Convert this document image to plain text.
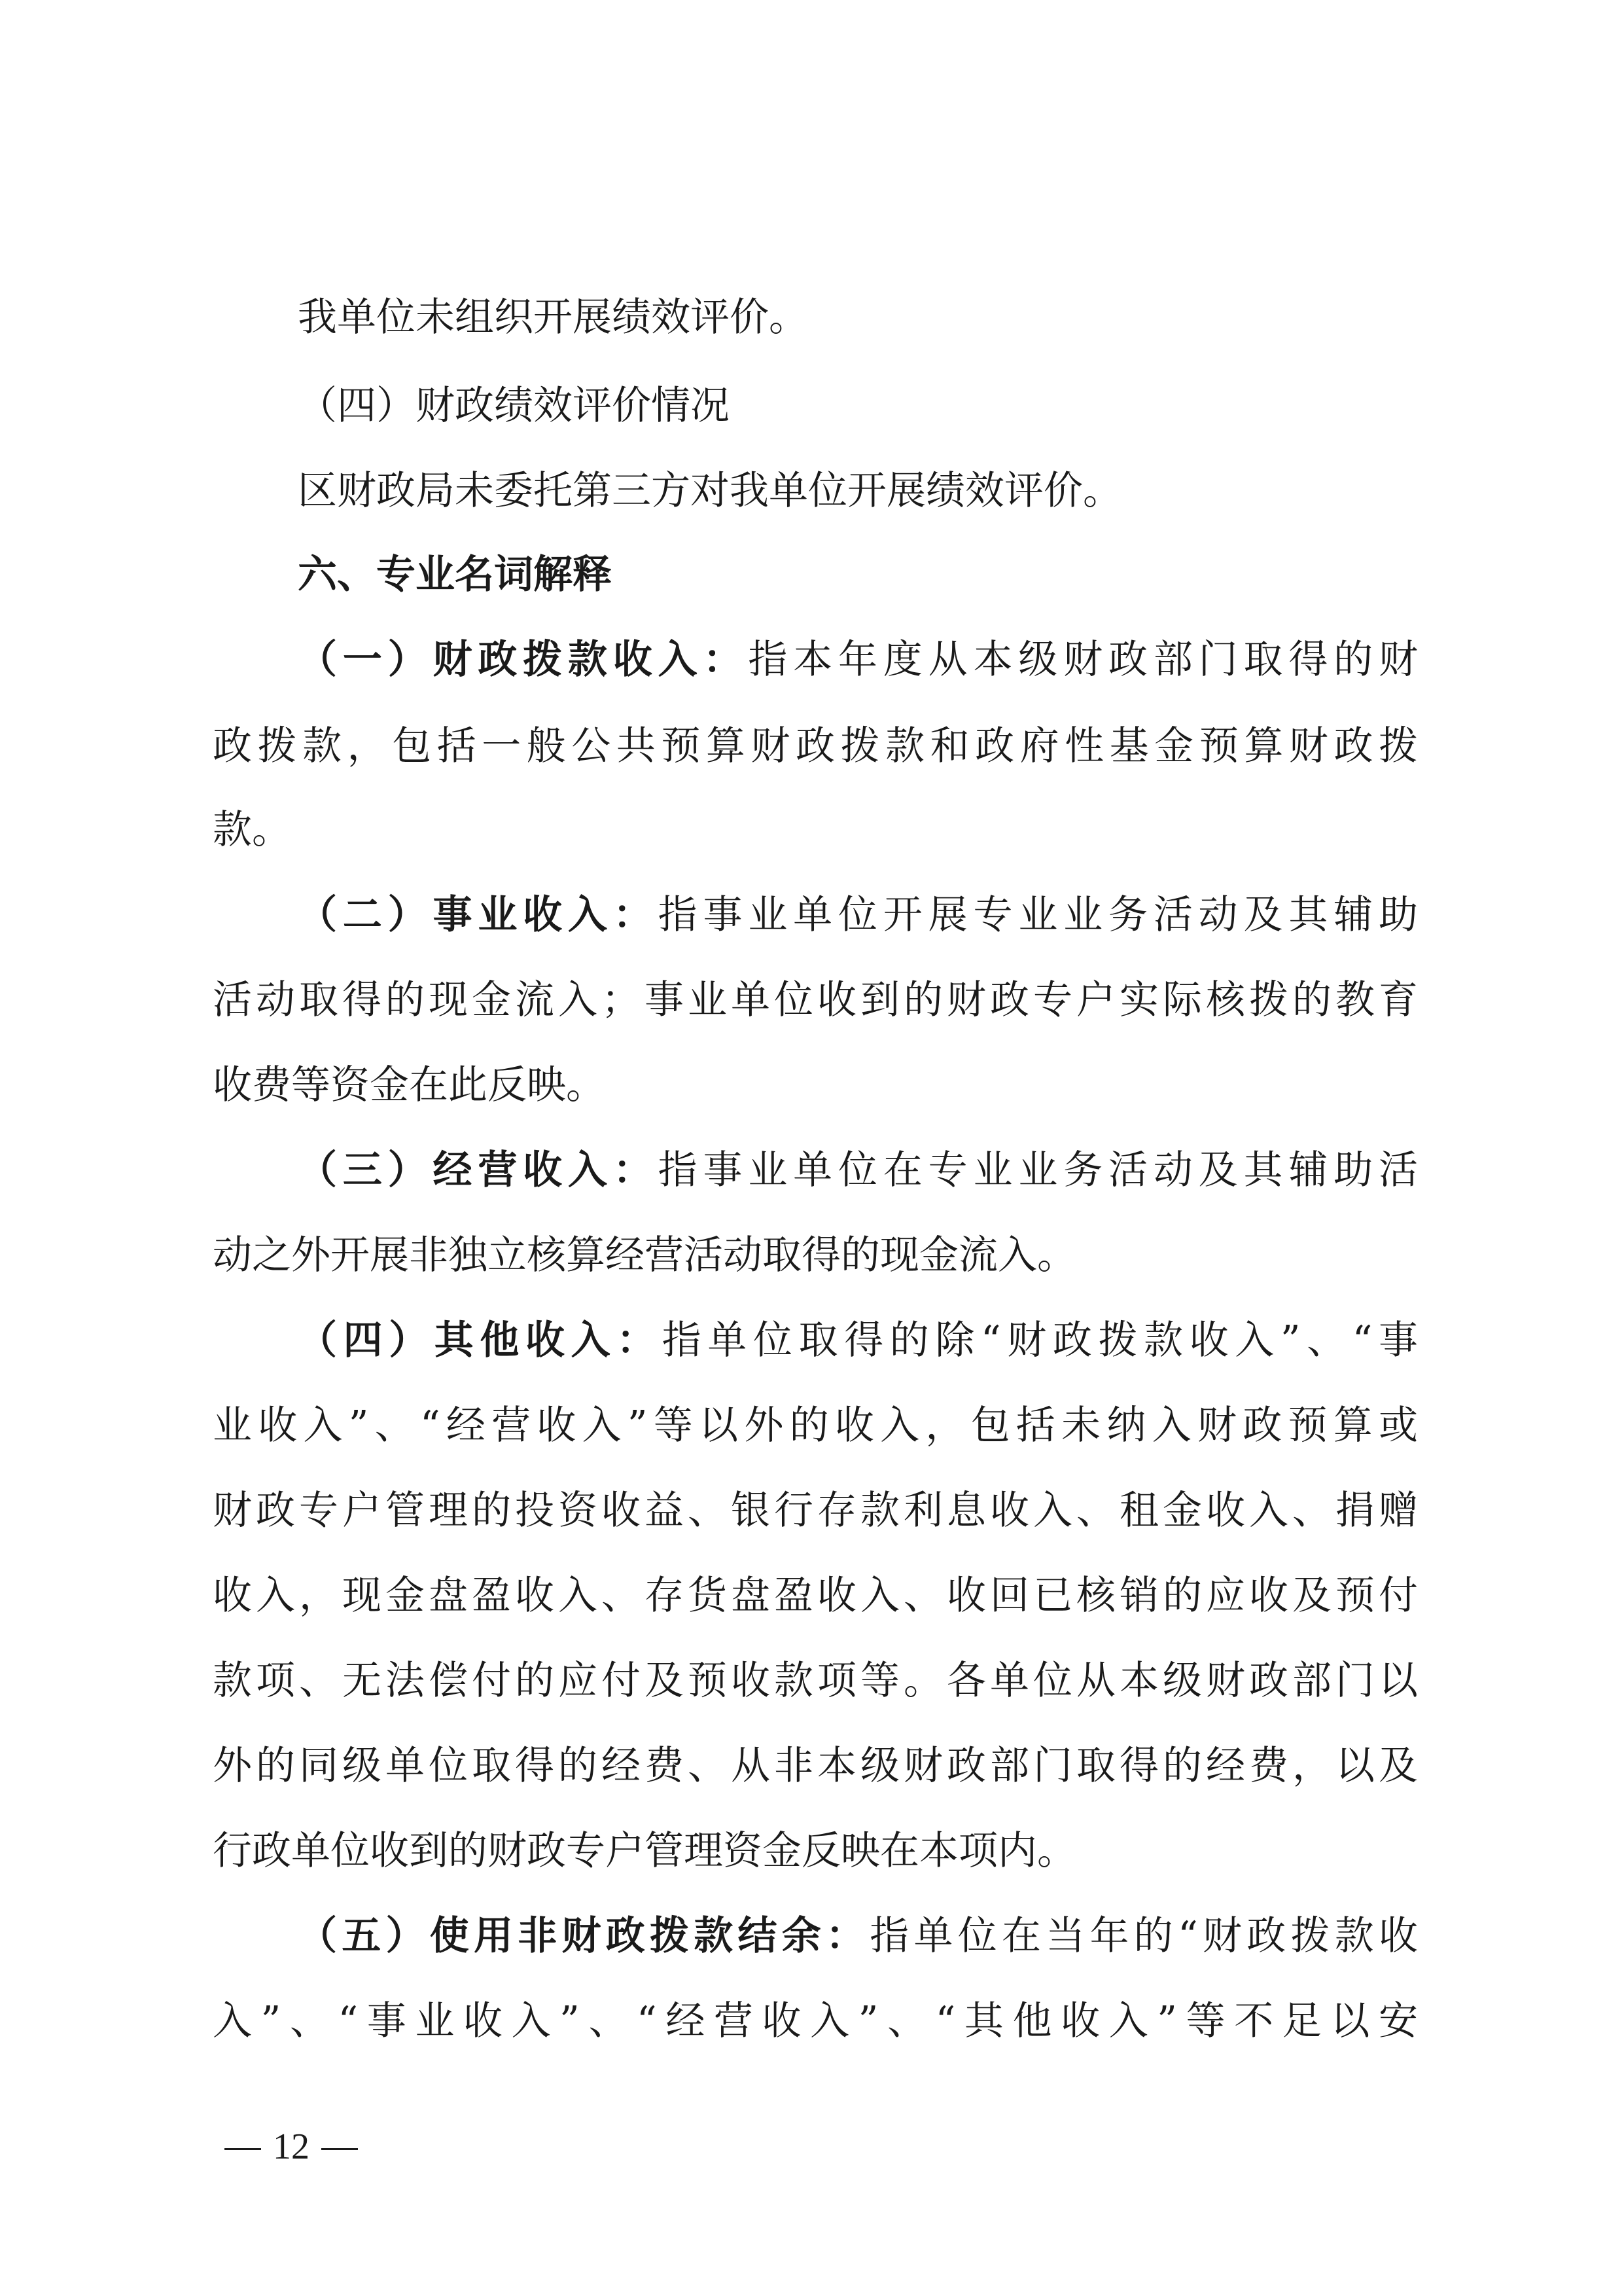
我单位未组织开展绩效评价。
（四）财政绩效评价情况
区财政局未委托第三方对我单位开展绩效评价。
六、专业名词解释
（一）财政拨款收入：指本年度从本级财政部门取得的财
政拨款，包括一般公共预算财政拨款和政府性基金预算财政拨
款。
（二）事业收入：指事业单位开展专业业务活动及其辅助
活动取得的现金流入；事业单位收到的财政专户实际核拨的教育
收费等资金在此反映。
（三）经营收入：指事业单位在专业业务活动及其辅助活
动之外开展非独立核算经营活动取得的现金流入。
（四）其他收入：指单位取得的除“财政拨款收入”、“事
业收入”、“经营收入”等以外的收入，包括未纳入财政预算或
财政专户管理的投资收益、银行存款利息收入、租金收入、捐赠
收入，现金盘盈收入、存货盘盈收入、收回已核销的应收及预付
款项、无法偿付的应付及预收款项等。各单位从本级财政部门以
外的同级单位取得的经费、从非本级财政部门取得的经费，以及
行政单位收到的财政专户管理资金反映在本项内。
（五）使用非财政拨款结余：指单位在当年的“财政拨款收
入”、“事业收入”、“经营收入”、“其他收入”等不足以安
12
